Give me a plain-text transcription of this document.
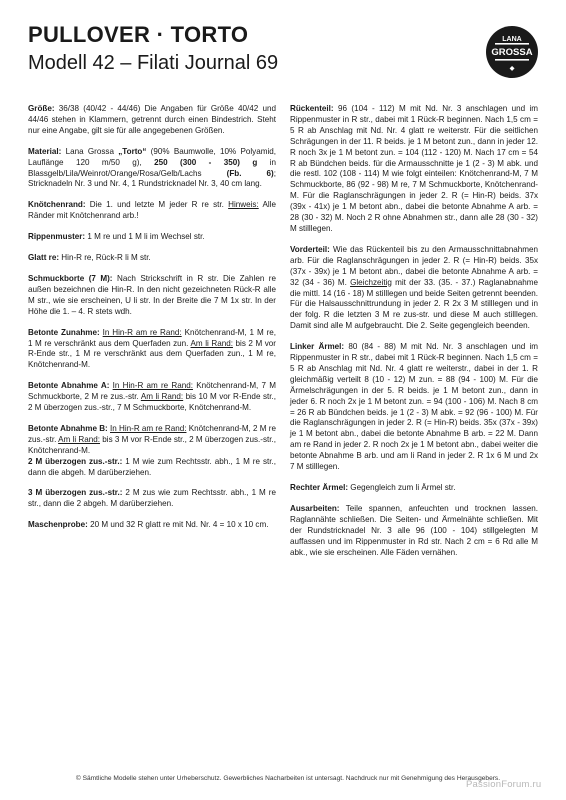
PULLOVER · TORTO
Modell 42 – Filati Journal 69
LANA
GROSSA
◆

Größe: 36/38 (40/42 - 44/46) Die Angaben für Größe 40/42 und 44/46 stehen in Klammern, getrennt durch einen Bindestrich. Steht nur eine Angabe, gilt sie für alle angegebenen Größen.

Material: Lana Grossa „Torto“ (90% Baumwolle, 10% Polyamid, Lauflänge 120 m/50 g), 250 (300 - 350) g in Blassgelb/Lila/Weinrot/Orange/Rosa/Gelb/Lachs (Fb. 6); Stricknadeln Nr. 3 und Nr. 4, 1 Rundstricknadel Nr. 3, 40 cm lang.

Knötchenrand: Die 1. und letzte M jeder R re str. Hinweis: Alle Ränder mit Knötchenrand arb.!

Rippenmuster: 1 M re und 1 M li im Wechsel str.

Glatt re: Hin-R re, Rück-R li M str.

Schmuckborte (7 M): Nach Strickschrift in R str. Die Zahlen re außen bezeichnen die Hin-R. In den nicht gezeichneten Rück-R alle M str., wie sie erscheinen, U li str. In der Breite die 7 M 1x str. In der Höhe die 1. – 4. R stets wdh.

Betonte Zunahme: In Hin-R am re Rand: Knötchenrand-M, 1 M re, 1 M re verschränkt aus dem Querfaden zun. Am li Rand: bis 2 M vor R-Ende str., 1 M re verschränkt aus dem Querfaden zun., 1 M re, Knötchenrand-M.

Betonte Abnahme A: In Hin-R am re Rand: Knötchenrand-M, 7 M Schmuckborte, 2 M re zus.-str. Am li Rand: bis 10 M vor R-Ende str., 2 M überzogen zus.-str., 7 M Schmuckborte, Knötchenrand-M.

Betonte Abnahme B: In Hin-R am re Rand: Knötchenrand-M, 2 M re zus.-str. Am li Rand: bis 3 M vor R-Ende str., 2 M überzogen zus.-str., Knötchenrand-M.

2 M überzogen zus.-str.: 1 M wie zum Rechtsstr. abh., 1 M re str., dann die abgeh. M darüberziehen.

3 M überzogen zus.-str.: 2 M zus wie zum Rechtsstr. abh., 1 M re str., dann die 2 abgeh. M darüberziehen.

Maschenprobe: 20 M und 32 R glatt re mit Nd. Nr. 4 = 10 x 10 cm.

Rückenteil: 96 (104 - 112) M mit Nd. Nr. 3 anschlagen und im Rippenmuster in R str., dabei mit 1 Rück-R beginnen. Nach 1,5 cm = 5 R ab Anschlag mit Nd. Nr. 4 glatt re weiterstr. Für die seitlichen Schrägungen in der 11. R beids. je 1 M betont zun., dann in jeder 12. R noch 3x je 1 M betont zun. = 104 (112 - 120) M. Nach 17 cm = 54 R ab Bündchen beids. für die Armausschnitte je 1 (2 - 3) M abk. und die restl. 102 (108 - 114) M wie folgt einteilen: Knötchenrand-M, 7 M Schmuckborte, 86 (92 - 98) M re, 7 M Schmuckborte, Knötchenrand-M. Für die Raglanschrägungen in jeder 2. R (= Hin-R) beids. 37x (39x - 41x) je 1 M betont abn., dabei die betonte Abnahme A arb. = 28 (30 - 32) M. Noch 2 R ohne Abnahmen str., dann alle 28 (30 - 32) M stilllegen.

Vorderteil: Wie das Rückenteil bis zu den Armausschnittabnahmen arb. Für die Raglanschrägungen in jeder 2. R (= Hin-R) beids. 35x (37x - 39x) je 1 M betont abn., dabei die betonte Abnahme A arb. = 32 (34 - 36) M. Gleichzeitig mit der 33. (35. - 37.) Raglanabnahme die mittl. 14 (16 - 18) M stilllegen und beide Seiten getrennt beenden. Für die Halsausschnittrundung in jeder 2. R 2x 3 M stilllegen und in der folg. R die letzten 3 M re zus-str. und diese M auch stilllegen. Damit sind alle M aufgebraucht. Die 2. Seite gegengleich beenden.

Linker Ärmel: 80 (84 - 88) M mit Nd. Nr. 3 anschlagen und im Rippenmuster in R str., dabei mit 1 Rück-R beginnen. Nach 1,5 cm = 5 R ab Anschlag mit Nd. Nr. 4 glatt re weiterstr., dabei in der 1. R gleichmäßig verteilt 8 (10 - 12) M zun. = 88 (94 - 100) M. Für die Ärmelschrägungen in der 5. R beids. je 1 M betont zun., dann in jeder 6. R noch 2x je 1 M betont zun. = 94 (100 - 106) M. Nach 8 cm = 26 R ab Bündchen beids. je 1 (2 - 3) M abk. = 92 (96 - 100) M. Für die Raglanschrägungen in jeder 2. R (= Hin-R) beids. 35x (37x - 39x) je 1 M betont abn., dabei die betonte Abnahme B arb. = 22 M. Dann am re Rand in jeder 2. R noch 2x je 1 M betont abn., dabei weiter die betonte Abnahme B arb. und am li Rand in jeder 2. R 1x 6 M und 2x 7 M stilllegen.

Rechter Ärmel: Gegengleich zum li Ärmel str.

Ausarbeiten: Teile spannen, anfeuchten und trocknen lassen. Raglannähte schließen. Die Seiten- und Ärmelnähte schließen. Mit der Rundstricknadel Nr. 3 alle 96 (100 - 104) stillgelegten M auffassen und im Rippenmuster in Rd str. Nach 2 cm = 6 Rd alle M abk., wie sie erscheinen. Alle Fäden vernähen.

© Sämtliche Modelle stehen unter Urheberschutz. Gewerbliches Nacharbeiten ist untersagt. Nachdruck nur mit Genehmigung des Herausgebers.
PassionForum.ru
